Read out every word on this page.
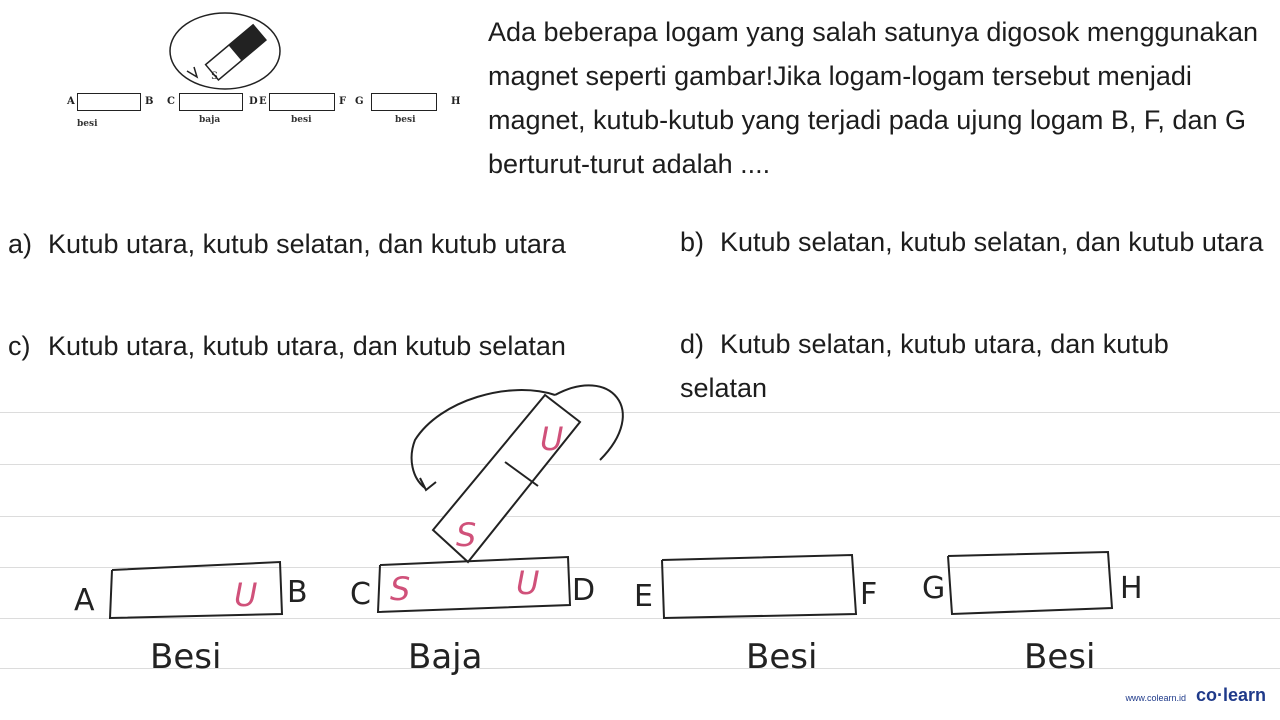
S
A	B C	D E	F G	H
besi	baja	besi	besi
Ada beberapa logam yang salah satunya digosok menggunakan magnet seperti gambar!Jika logam-logam tersebut menjadi magnet, kutub-kutub yang terjadi pada ujung logam B, F, dan G berturut-turut adalah ....
a) Kutub utara, kutub selatan, dan kutub utara	b) Kutub selatan, kutub selatan, dan kutub utara
c) Kutub utara, kutub utara, dan kutub selatan	d) Kutub selatan, kutub utara, dan kutub selatan
A	B C	D E	F G	H
U	S	U
U
S
Besi	Baja	Besi	Besi
www.colearn.id co·learn
